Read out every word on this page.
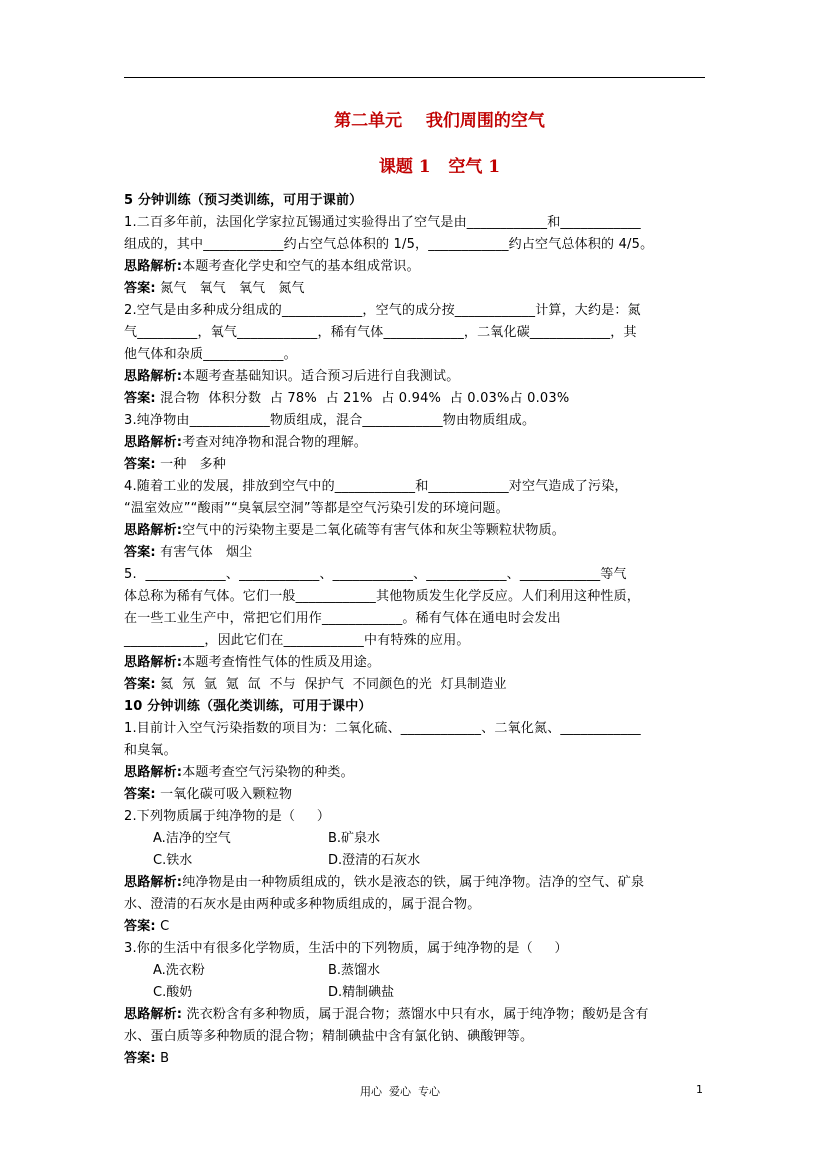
第二单元    我们周围的空气
课题 1   空气 1
5 分钟训练（预习类训练，可用于课前）
1.二百多年前，法国化学家拉瓦锡通过实验得出了空气是由____________和____________
组成的，其中____________约占空气总体积的 1/5，____________约占空气总体积的 4/5。
思路解析:本题考查化学史和空气的基本组成常识。
答案: 氮气   氧气   氧气   氮气
2.空气是由多种成分组成的____________，空气的成分按____________计算，大约是：氮
气_________，氧气____________，稀有气体____________，二氧化碳____________，其
他气体和杂质____________。
思路解析:本题考查基础知识。适合预习后进行自我测试。
答案: 混合物  体积分数  占 78%  占 21%  占 0.94%  占 0.03%占 0.03%
3.纯净物由____________物质组成，混合____________物由物质组成。
思路解析:考查对纯净物和混合物的理解。
答案: 一种   多种
4.随着工业的发展，排放到空气中的____________和____________对空气造成了污染，
“温室效应”“酸雨”“臭氧层空洞”等都是空气污染引发的环境问题。
思路解析:空气中的污染物主要是二氧化硫等有害气体和灰尘等颗粒状物质。
答案: 有害气体   烟尘
5.  ____________、____________、____________、____________、____________等气
体总称为稀有气体。它们一般____________其他物质发生化学反应。人们利用这种性质，
在一些工业生产中，常把它们用作____________。稀有气体在通电时会发出
____________，因此它们在____________中有特殊的应用。
思路解析:本题考查惰性气体的性质及用途。
答案: 氦  氖  氩  氪  氙  不与  保护气  不同颜色的光  灯具制造业
10 分钟训练（强化类训练，可用于课中）
1.目前计入空气污染指数的项目为：二氧化硫、____________、二氧化氮、____________
和臭氧。
思路解析:本题考查空气污染物的种类。
答案: 一氧化碳可吸入颗粒物
2.下列物质属于纯净物的是（     ）
A.洁净的空气	B.矿泉水
C.铁水	D.澄清的石灰水
思路解析:纯净物是由一种物质组成的，铁水是液态的铁，属于纯净物。洁净的空气、矿泉
水、澄清的石灰水是由两种或多种物质组成的，属于混合物。
答案: C
3.你的生活中有很多化学物质，生活中的下列物质，属于纯净物的是（     ）
A.洗衣粉	B.蒸馏水
C.酸奶	D.精制碘盐
思路解析: 洗衣粉含有多种物质，属于混合物；蒸馏水中只有水，属于纯净物；酸奶是含有
水、蛋白质等多种物质的混合物；精制碘盐中含有氯化钠、碘酸钾等。
答案: B
用心  爱心  专心	1
